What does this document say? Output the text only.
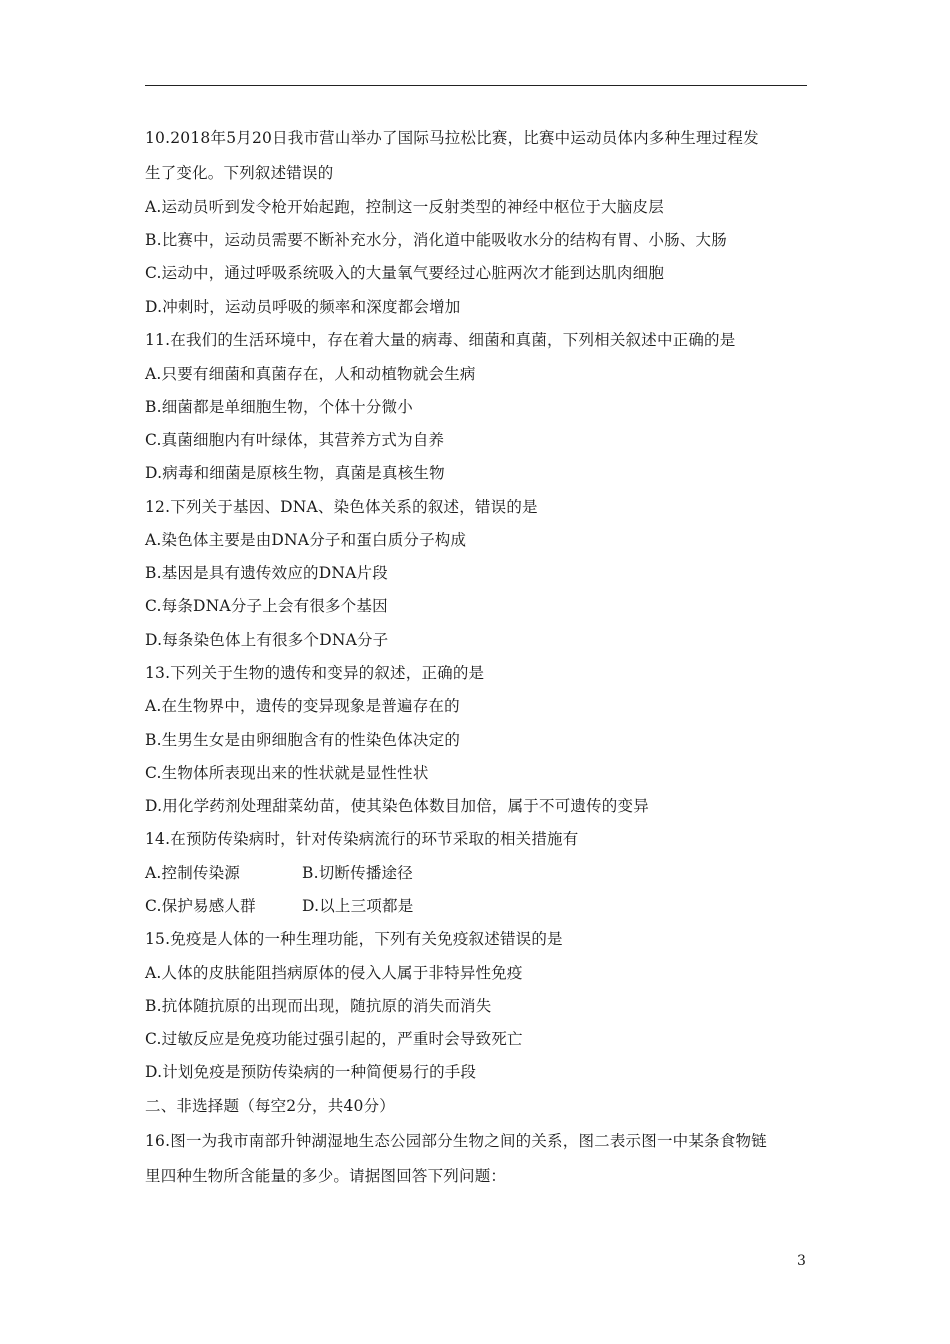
10.2018年5月20日我市营山举办了国际马拉松比赛，比赛中运动员体内多种生理过程发
生了变化。下列叙述错误的
A.运动员听到发令枪开始起跑，控制这一反射类型的神经中枢位于大脑皮层
B.比赛中，运动员需要不断补充水分，消化道中能吸收水分的结构有胃、小肠、大肠
C.运动中，通过呼吸系统吸入的大量氧气要经过心脏两次才能到达肌肉细胞
D.冲刺时，运动员呼吸的频率和深度都会增加
11.在我们的生活环境中，存在着大量的病毒、细菌和真菌，下列相关叙述中正确的是
A.只要有细菌和真菌存在，人和动植物就会生病
B.细菌都是单细胞生物，个体十分微小
C.真菌细胞内有叶绿体，其营养方式为自养
D.病毒和细菌是原核生物，真菌是真核生物
12.下列关于基因、DNA、染色体关系的叙述，错误的是
A.染色体主要是由DNA分子和蛋白质分子构成
B.基因是具有遗传效应的DNA片段
C.每条DNA分子上会有很多个基因
D.每条染色体上有很多个DNA分子
13.下列关于生物的遗传和变异的叙述，正确的是
A.在生物界中，遗传的变异现象是普遍存在的
B.生男生女是由卵细胞含有的性染色体决定的
C.生物体所表现出来的性状就是显性性状
D.用化学药剂处理甜菜幼苗，使其染色体数目加倍，属于不可遗传的变异
14.在预防传染病时，针对传染病流行的环节采取的相关措施有
A.控制传染源	B.切断传播途径
C.保护易感人群	D.以上三项都是
15.免疫是人体的一种生理功能，下列有关免疫叙述错误的是
A.人体的皮肤能阻挡病原体的侵入人属于非特异性免疫
B.抗体随抗原的出现而出现，随抗原的消失而消失
C.过敏反应是免疫功能过强引起的，严重时会导致死亡
D.计划免疫是预防传染病的一种简便易行的手段
二、非选择题（每空2分，共40分）
16.图一为我市南部升钟湖湿地生态公园部分生物之间的关系，图二表示图一中某条食物链
里四种生物所含能量的多少。请据图回答下列问题：
3
